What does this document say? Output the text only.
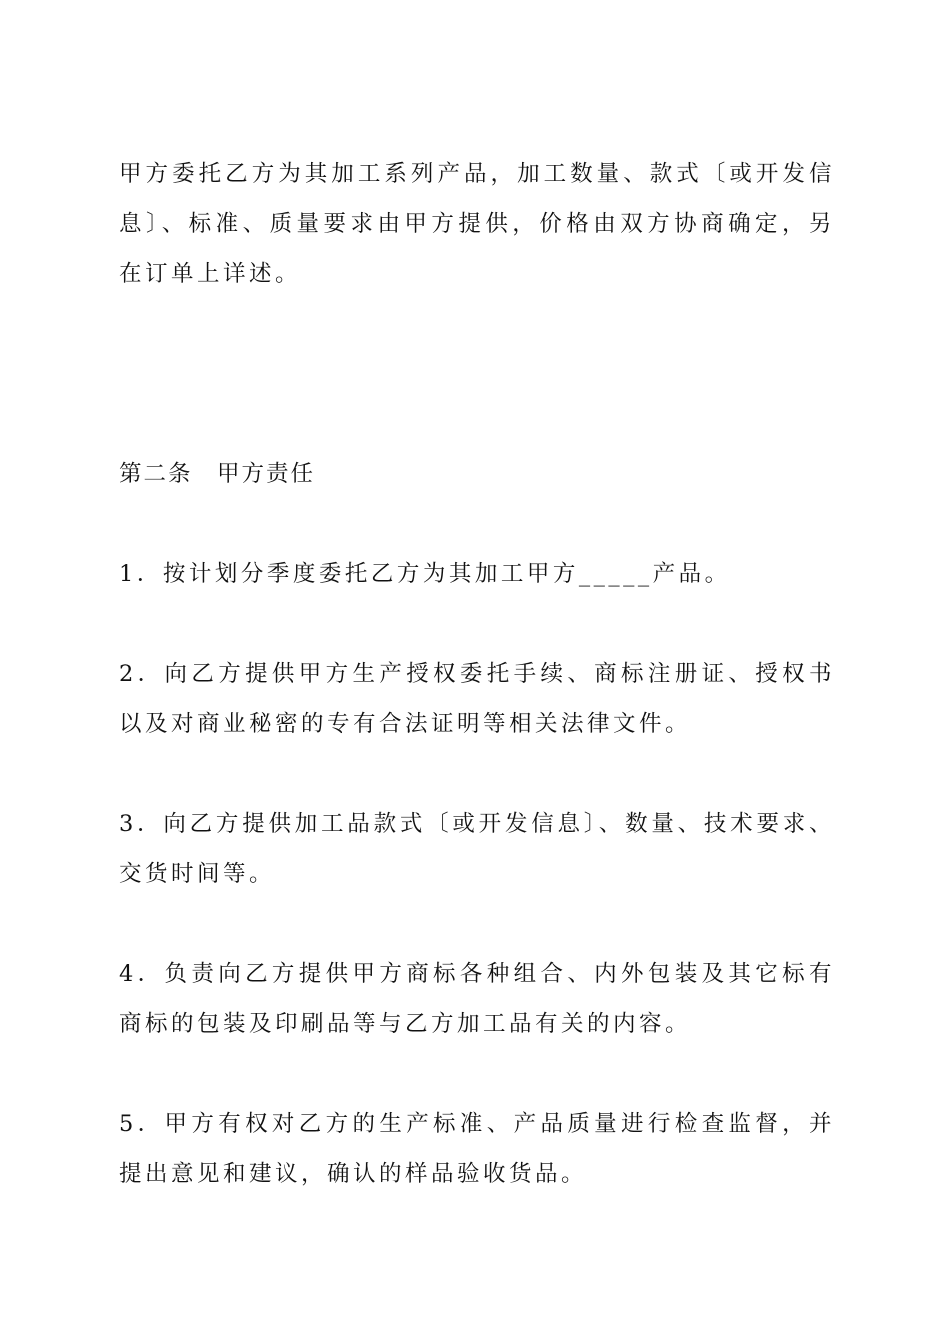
甲方委托乙方为其加工系列产品，加工数量、款式〔或开发信息〕、标准、质量要求由甲方提供，价格由双方协商确定，另在订单上详述。

第二条　甲方责任

1．按计划分季度委托乙方为其加工甲方_____产品。

2．向乙方提供甲方生产授权委托手续、商标注册证、授权书以及对商业秘密的专有合法证明等相关法律文件。

3．向乙方提供加工品款式〔或开发信息〕、数量、技术要求、交货时间等。

4．负责向乙方提供甲方商标各种组合、内外包装及其它标有商标的包装及印刷品等与乙方加工品有关的内容。

5．甲方有权对乙方的生产标准、产品质量进行检查监督，并提出意见和建议，确认的样品验收货品。
